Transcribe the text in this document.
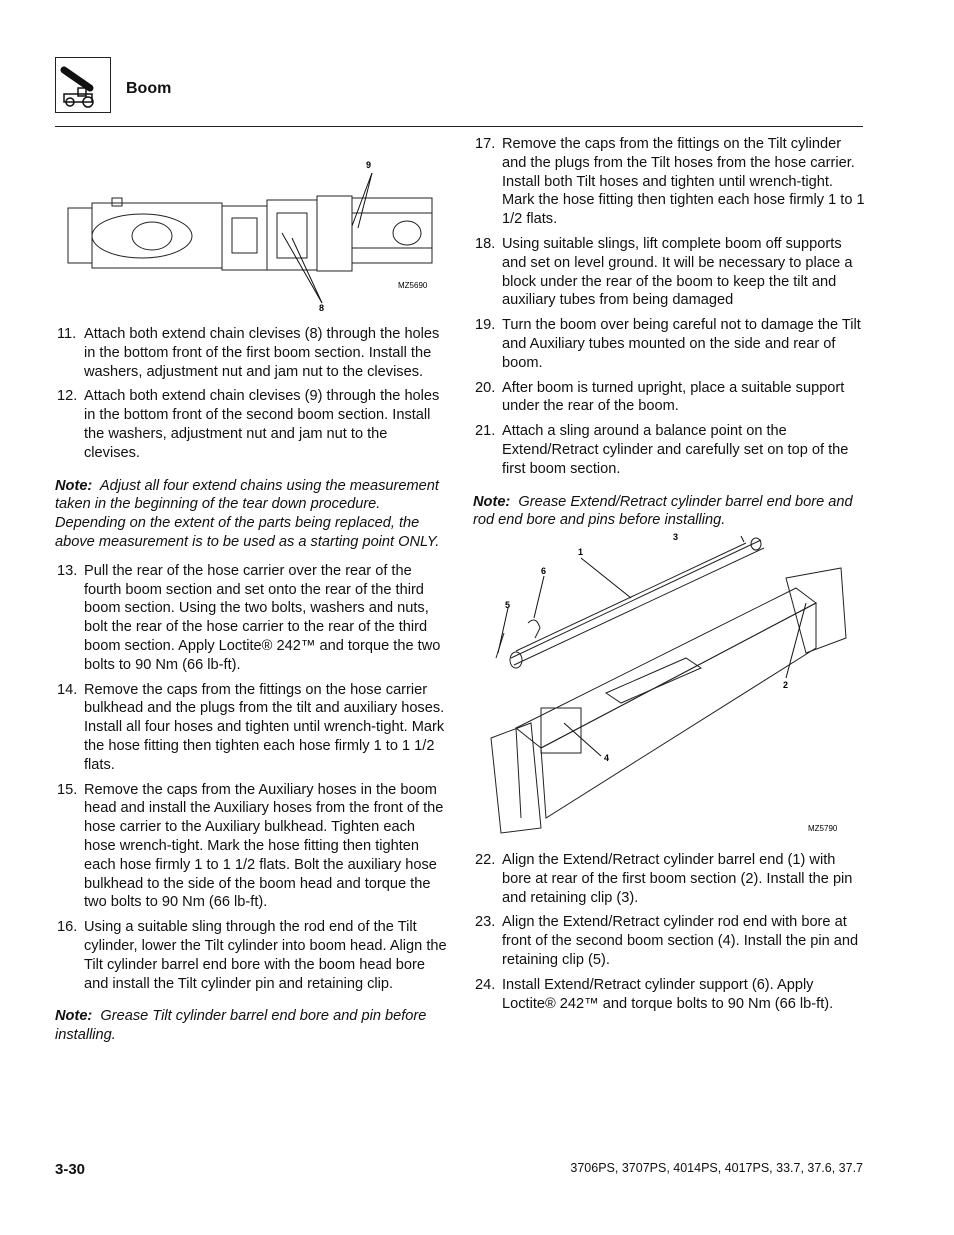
Boom
9
8
MZ5690
11. Attach both extend chain clevises (8) through the holes in the bottom front of the first boom section. Install the washers, adjustment nut and jam nut to the clevises.
12. Attach both extend chain clevises (9) through the holes in the bottom front of the second boom section. Install the washers, adjustment nut and jam nut to the clevises.
Note: Adjust all four extend chains using the measurement taken in the beginning of the tear down procedure. Depending on the extent of the parts being replaced, the above measurement is to be used as a starting point ONLY.
13. Pull the rear of the hose carrier over the rear of the fourth boom section and set onto the rear of the third boom section. Using the two bolts, washers and nuts, bolt the rear of the hose carrier to the rear of the third boom section. Apply Loctite® 242™ and torque the two bolts to 90 Nm (66 lb-ft).
14. Remove the caps from the fittings on the hose carrier bulkhead and the plugs from the tilt and auxiliary hoses. Install all four hoses and tighten until wrench-tight. Mark the hose fitting then tighten each hose firmly 1 to 1 1/2 flats.
15. Remove the caps from the Auxiliary hoses in the boom head and install the Auxiliary hoses from the front of the hose carrier to the Auxiliary bulkhead. Tighten each hose wrench-tight. Mark the hose fitting then tighten each hose firmly 1 to 1 1/2 flats. Bolt the auxiliary hose bulkhead to the side of the boom head and torque the two bolts to 90 Nm (66 lb-ft).
16. Using a suitable sling through the rod end of the Tilt cylinder, lower the Tilt cylinder into boom head. Align the Tilt cylinder barrel end bore with the boom head bore and install the Tilt cylinder pin and retaining clip.
Note: Grease Tilt cylinder barrel end bore and pin before installing.
17. Remove the caps from the fittings on the Tilt cylinder and the plugs from the Tilt hoses from the hose carrier. Install both Tilt hoses and tighten until wrench-tight. Mark the hose fitting then tighten each hose firmly 1 to 1 1/2 flats.
18. Using suitable slings, lift complete boom off supports and set on level ground. It will be necessary to place a block under the rear of the boom to keep the tilt and auxiliary tubes from being damaged
19. Turn the boom over being careful not to damage the Tilt and Auxiliary tubes mounted on the side and rear of boom.
20. After boom is turned upright, place a suitable support under the rear of the boom.
21. Attach a sling around a balance point on the Extend/Retract cylinder and carefully set on top of the first boom section.
Note: Grease Extend/Retract cylinder barrel end bore and rod end bore and pins before installing.
1
2
3
4
5
6
MZ5790
22. Align the Extend/Retract cylinder barrel end (1) with bore at rear of the first boom section (2). Install the pin and retaining clip (3).
23. Align the Extend/Retract cylinder rod end with bore at front of the second boom section (4). Install the pin and retaining clip (5).
24. Install Extend/Retract cylinder support (6). Apply Loctite® 242™ and torque bolts to 90 Nm (66 lb-ft).
3-30	3706PS, 3707PS, 4014PS, 4017PS, 33.7, 37.6, 37.7
